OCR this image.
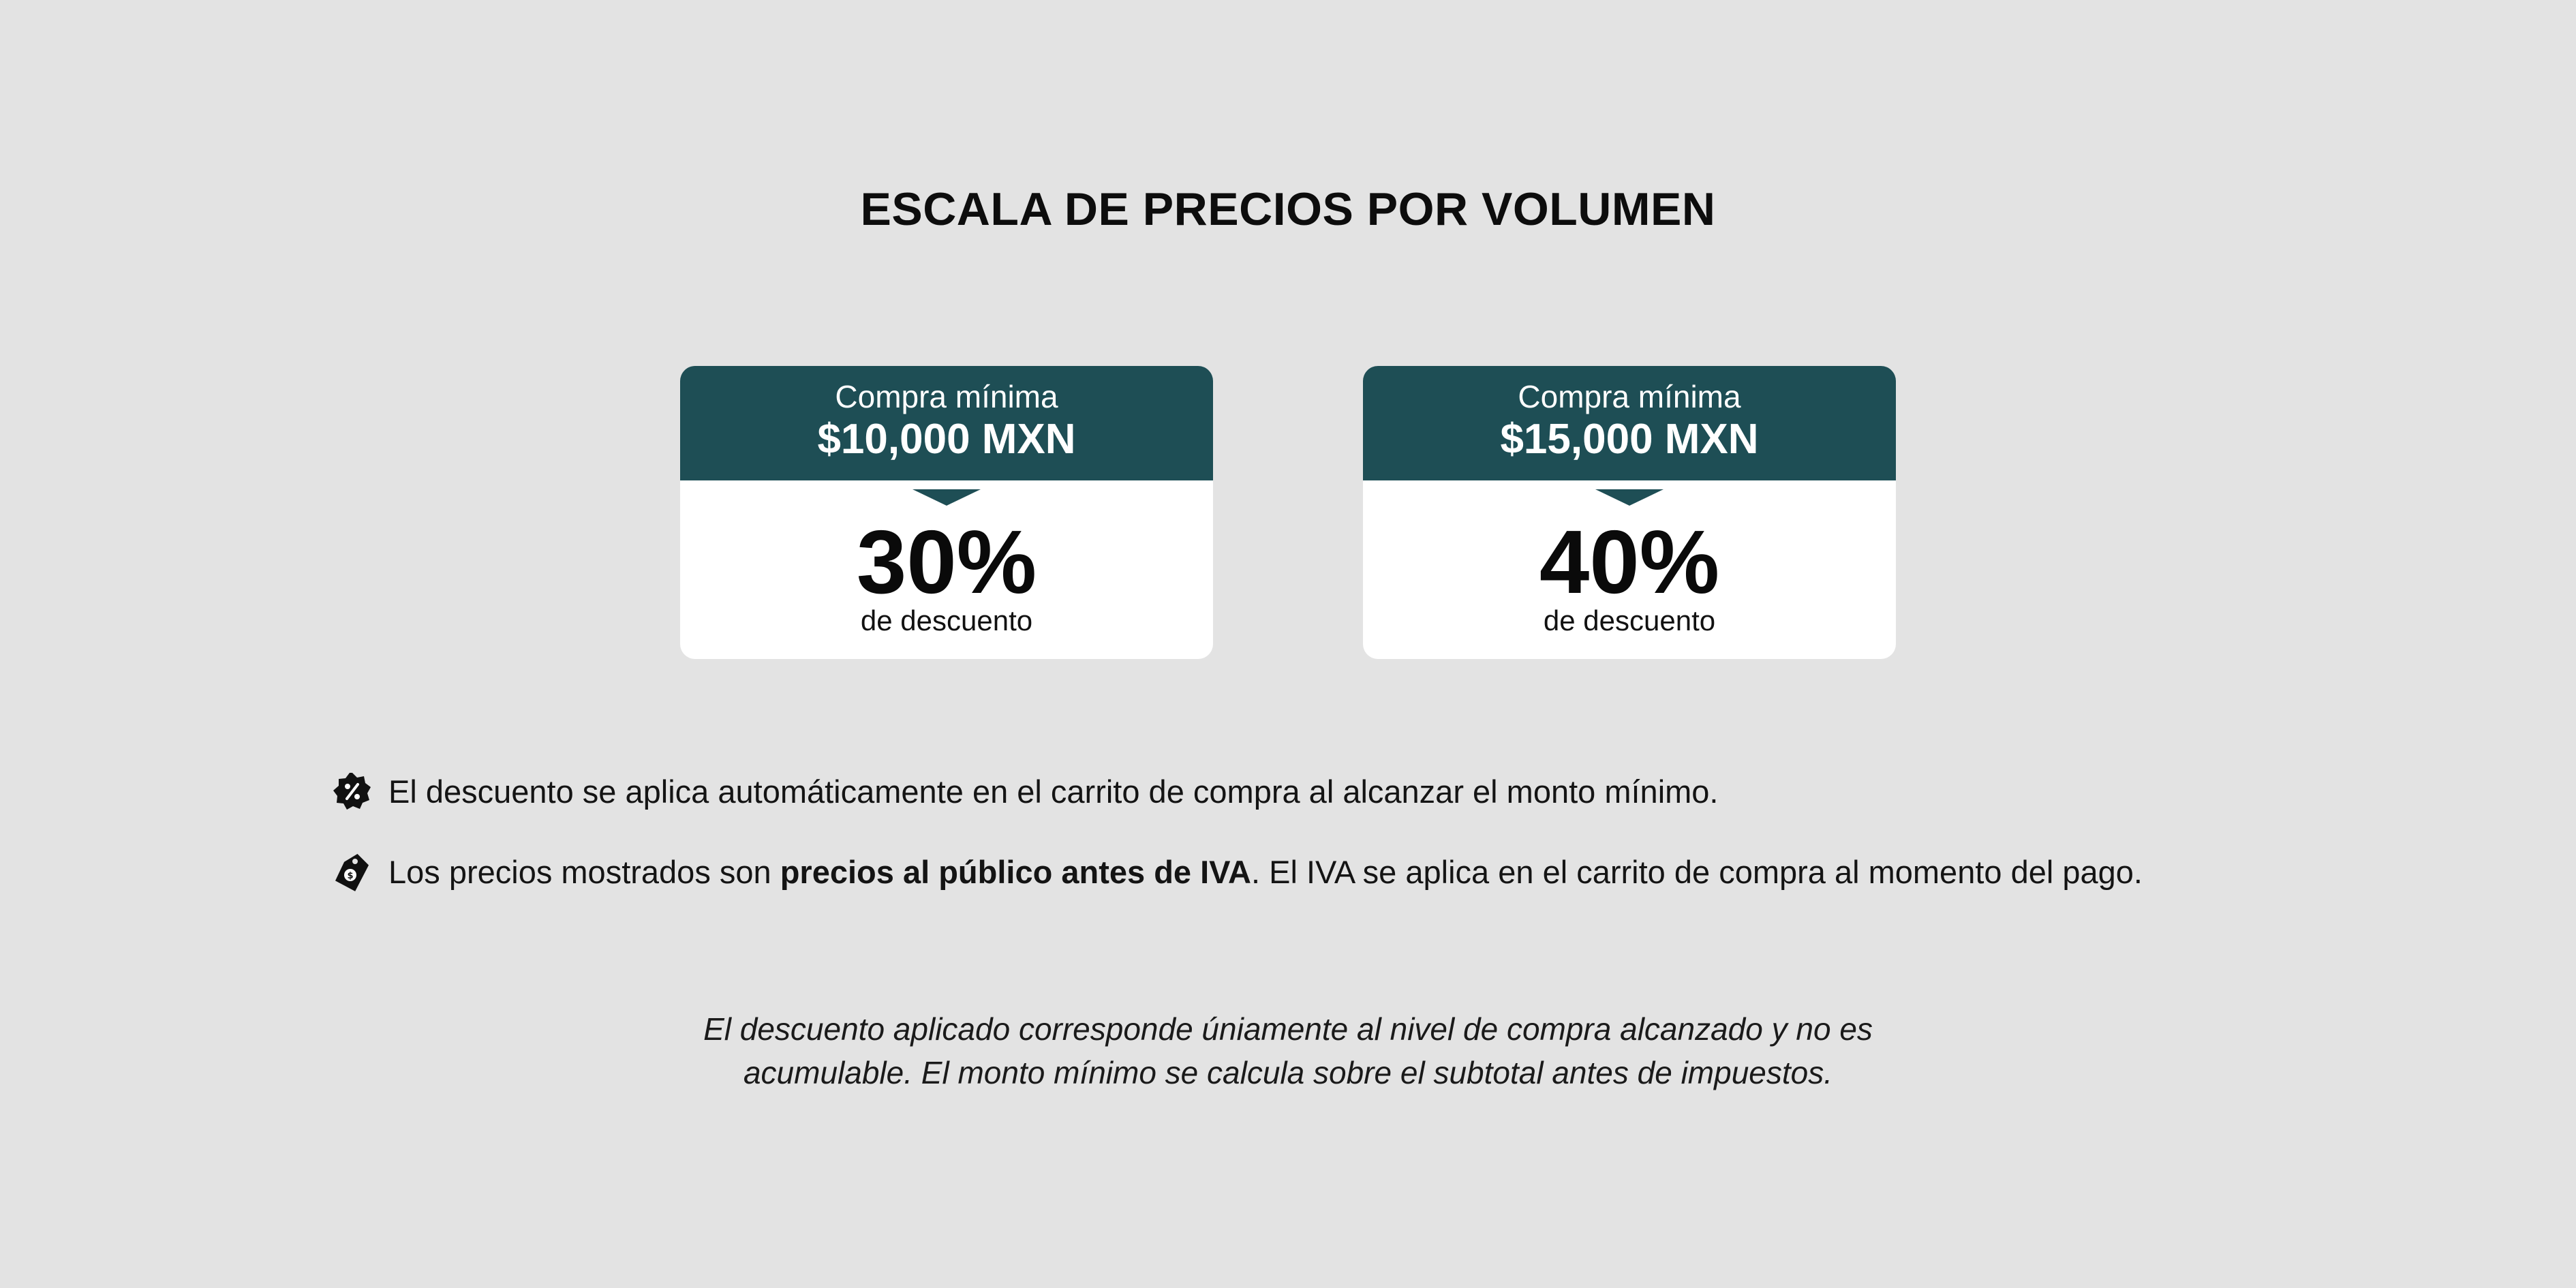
ESCALA DE PRECIOS POR VOLUMEN
Compra mínima
$10,000 MXN
30%
de descuento
Compra mínima
$15,000 MXN
40%
de descuento
El descuento se aplica automáticamente en el carrito de compra al alcanzar el monto mínimo.
$ Los precios mostrados son precios al público antes de IVA. El IVA se aplica en el carrito de compra al momento del pago.
El descuento aplicado corresponde úniamente al nivel de compra alcanzado y no es
acumulable. El monto mínimo se calcula sobre el subtotal antes de impuestos.
